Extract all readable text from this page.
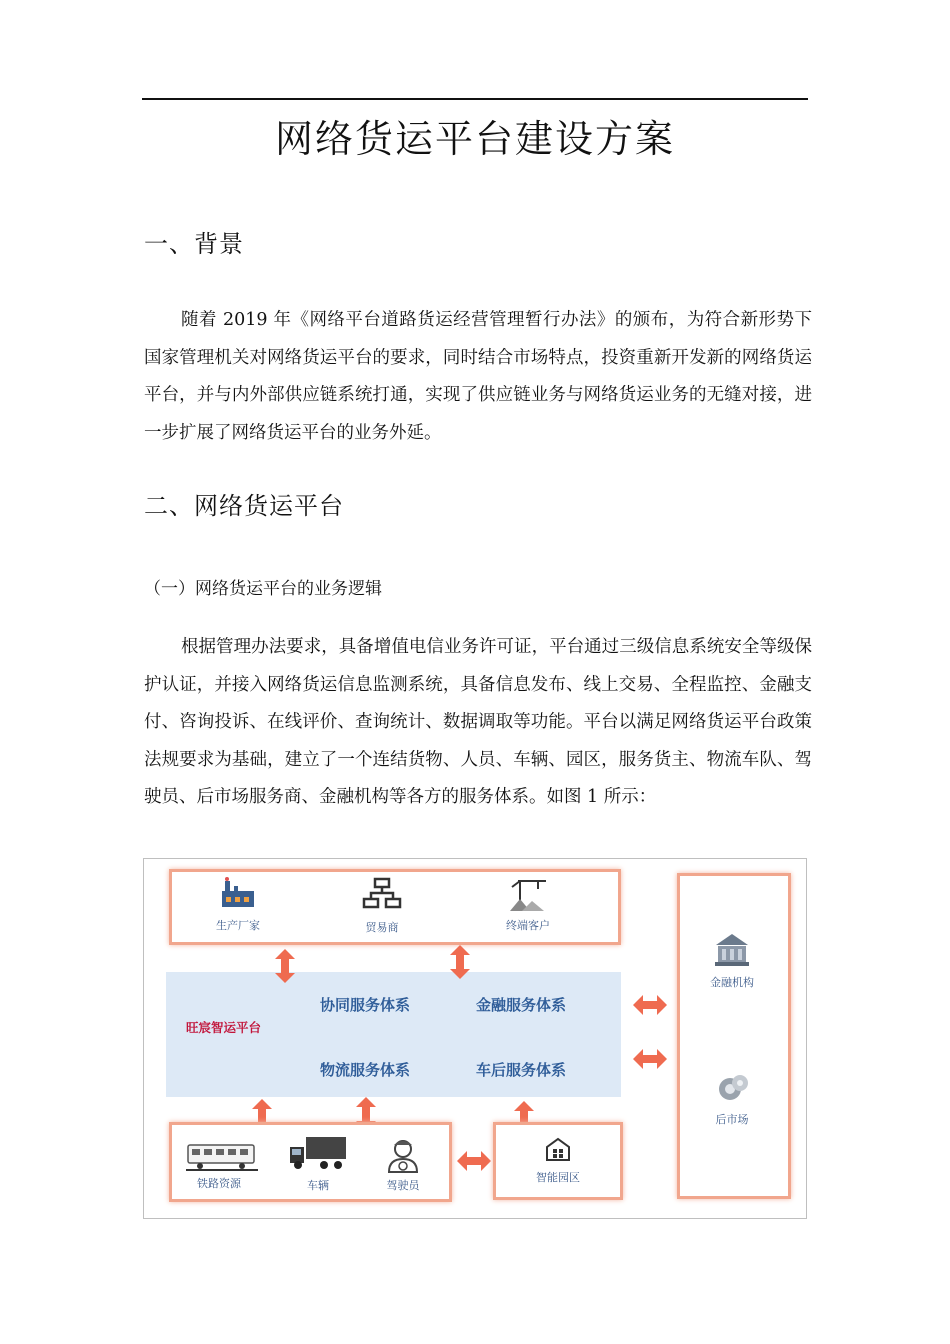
网络货运平台建设方案
一、背景
随着 2019 年《网络平台道路货运经营管理暂行办法》的颁布，为符合新形势下国家管理机关对网络货运平台的要求，同时结合市场特点，投资重新开发新的网络货运平台，并与内外部供应链系统打通，实现了供应链业务与网络货运业务的无缝对接，进一步扩展了网络货运平台的业务外延。
二、网络货运平台
（一）网络货运平台的业务逻辑
根据管理办法要求，具备增值电信业务许可证，平台通过三级信息系统安全等级保护认证，并接入网络货运信息监测系统，具备信息发布、线上交易、全程监控、金融支付、咨询投诉、在线评价、查询统计、数据调取等功能。平台以满足网络货运平台政策法规要求为基础，建立了一个连结货物、人员、车辆、园区，服务货主、物流车队、驾驶员、后市场服务商、金融机构等各方的服务体系。如图 1 所示：
生产厂家	贸易商	终端客户
金融机构
后市场
旺宸智运平台
协同服务体系	金融服务体系
物流服务体系	车后服务体系
铁路资源	车辆	驾驶员
智能园区
